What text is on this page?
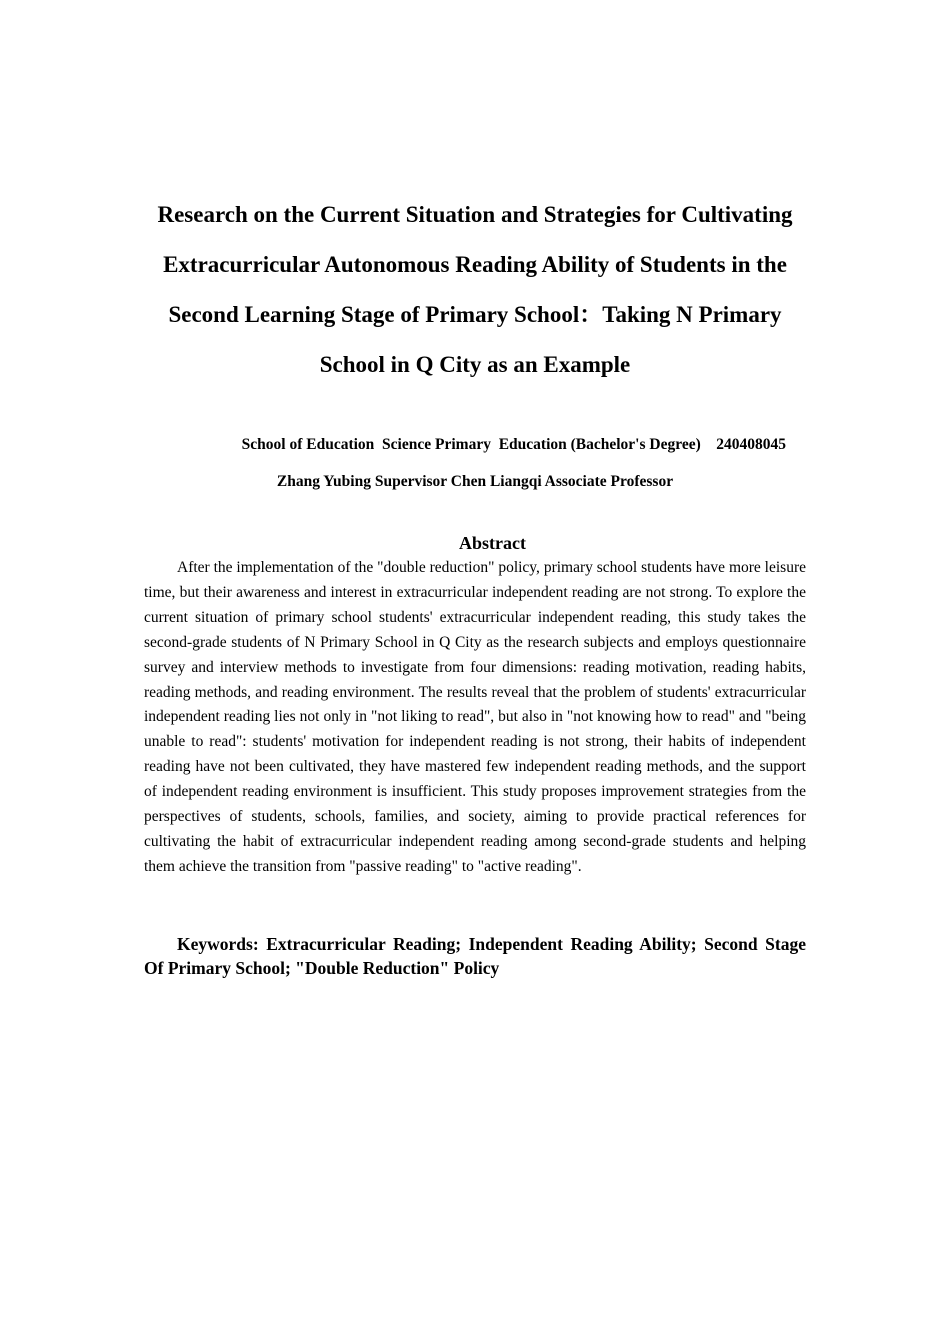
Research on the Current Situation and Strategies for Cultivating
Extracurricular Autonomous Reading Ability of Students in the
Second Learning Stage of Primary School：Taking N Primary
School in Q City as an Example
School of Education  Science Primary  Education (Bachelor's Degree)    240408045
Zhang Yubing Supervisor Chen Liangqi Associate Professor
Abstract

After the implementation of the "double reduction" policy, primary school students have more leisure time, but their awareness and interest in extracurricular independent reading are not strong. To explore the current situation of primary school students' extracurricular independent reading, this study takes the second-grade students of N Primary School in Q City as the research subjects and employs questionnaire survey and interview methods to investigate from four dimensions: reading motivation, reading habits, reading methods, and reading environment. The results reveal that the problem of students' extracurricular independent reading lies not only in "not liking to read", but also in "not knowing how to read" and "being unable to read": students' motivation for independent reading is not strong, their habits of independent reading have not been cultivated, they have mastered few independent reading methods, and the support of independent reading environment is insufficient. This study proposes improvement strategies from the perspectives of students, schools, families, and society, aiming to provide practical references for cultivating the habit of extracurricular independent reading among second-grade students and helping them achieve the transition from "passive reading" to "active reading".

Keywords: Extracurricular Reading; Independent Reading Ability; Second Stage Of Primary School; "Double Reduction" Policy
